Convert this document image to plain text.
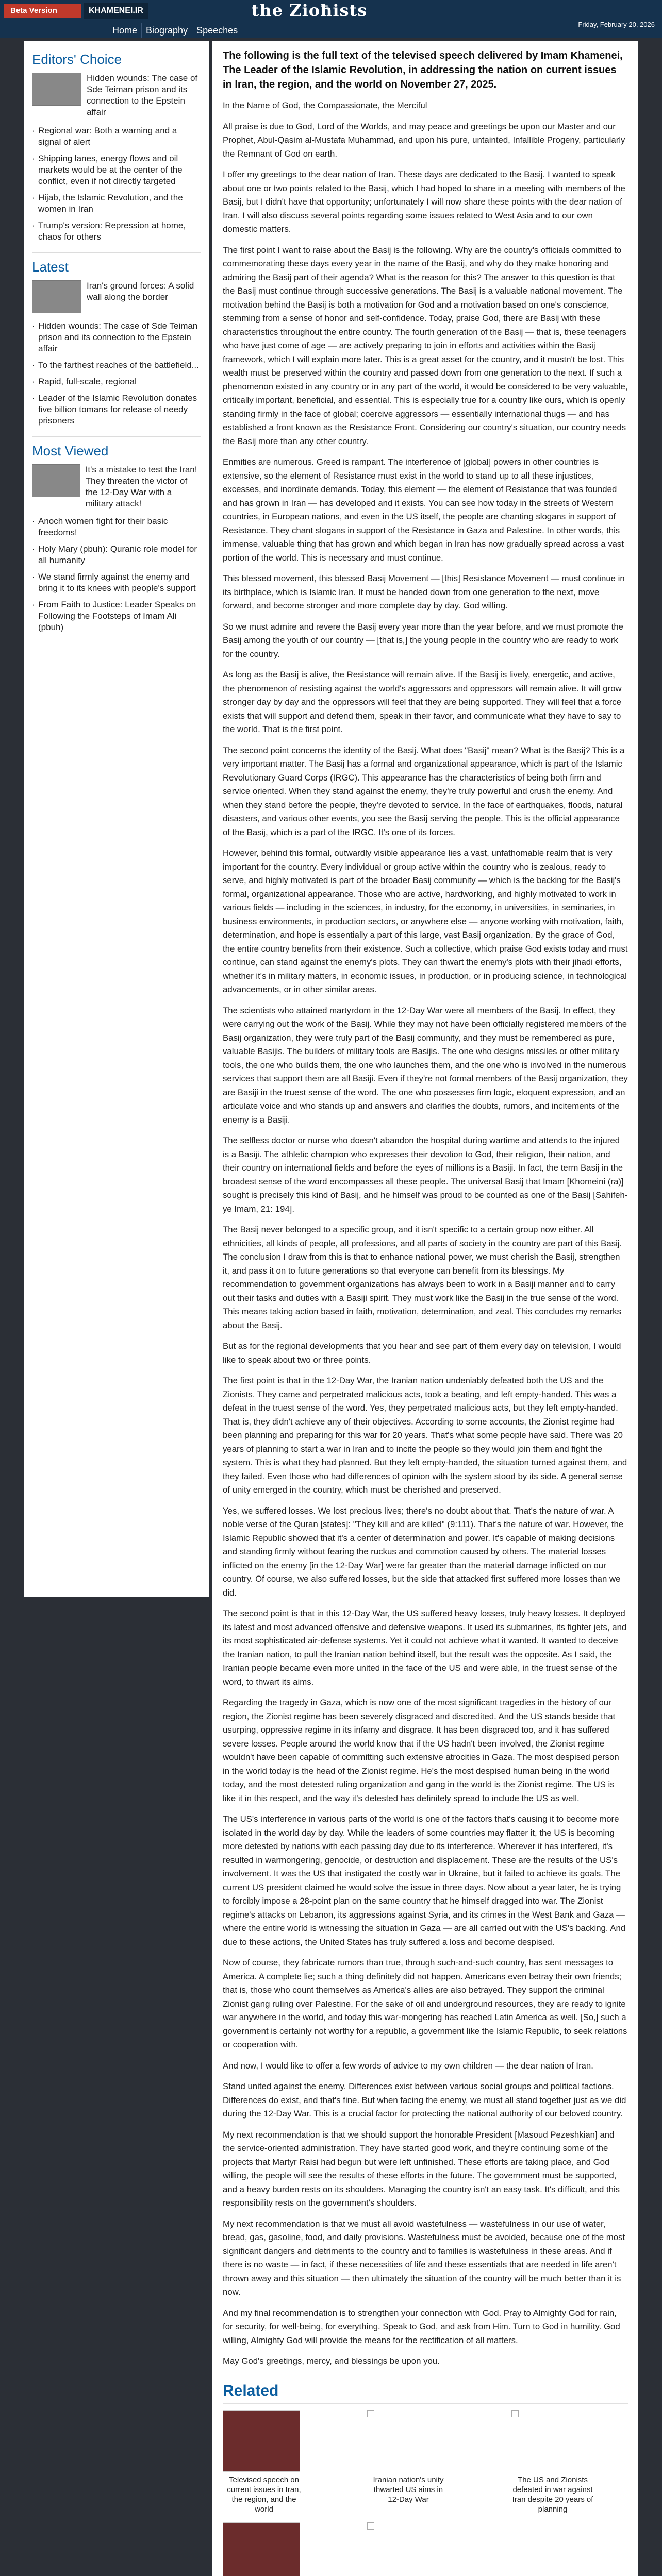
Beta Version	KHAMENEI.IR	the Zioħists
Friday, February 20, 2026
Home Biography Speeches
Editors' Choice
Hidden wounds: The case of Sde Teiman prison and its connection to the Epstein affair
· Regional war: Both a warning and a signal of alert
· Shipping lanes, energy flows and oil markets would be at the center of the conflict, even if not directly targeted
· Hijab, the Islamic Revolution, and the women in Iran
· Trump's version: Repression at home, chaos for others
Latest
Iran's ground forces: A solid wall along the border
· Hidden wounds: The case of Sde Teiman prison and its connection to the Epstein affair
· To the farthest reaches of the battlefield...
· Rapid, full-scale, regional
· Leader of the Islamic Revolution donates five billion tomans for release of needy prisoners
Most Viewed
It's a mistake to test the Iran! They threaten the victor of the 12-Day War with a military attack!
· Anoch women fight for their basic freedoms!
· Holy Mary (pbuh): Quranic role model for all humanity
· We stand firmly against the enemy and bring it to its knees with people's support
· From Faith to Justice: Leader Speaks on Following the Footsteps of Imam Ali (pbuh)
The following is the full text of the televised speech delivered by Imam Khamenei, The Leader of the Islamic Revolution, in addressing the nation on current issues in Iran, the region, and the world on November 27, 2025.

In the Name of God, the Compassionate, the Merciful

All praise is due to God, Lord of the Worlds, and may peace and greetings be upon our Master and our Prophet, Abul-Qasim al-Mustafa Muhammad, and upon his pure, untainted, Infallible Progeny, particularly the Remnant of God on earth.

I offer my greetings to the dear nation of Iran. These days are dedicated to the Basij. I wanted to speak about one or two points related to the Basij, which I had hoped to share in a meeting with members of the Basij, but I didn't have that opportunity; unfortunately I will now share these points with the dear nation of Iran. I will also discuss several points regarding some issues related to West Asia and to our own domestic matters.

The first point I want to raise about the Basij is the following. Why are the country's officials committed to commemorating these days every year in the name of the Basij, and why do they make honoring and admiring the Basij part of their agenda? What is the reason for this? The answer to this question is that the Basij must continue through successive generations. The Basij is a valuable national movement. The motivation behind the Basij is both a motivation for God and a motivation based on one's conscience, stemming from a sense of honor and self-confidence. Today, praise God, there are Basij with these characteristics throughout the entire country. The fourth generation of the Basij — that is, these teenagers who have just come of age — are actively preparing to join in efforts and activities within the Basij framework, which I will explain more later. This is a great asset for the country, and it mustn't be lost. This wealth must be preserved within the country and passed down from one generation to the next. If such a phenomenon existed in any country or in any part of the world, it would be considered to be very valuable, critically important, beneficial, and essential. This is especially true for a country like ours, which is openly standing firmly in the face of global; coercive aggressors — essentially international thugs — and has established a front known as the Resistance Front. Considering our country's situation, our country needs the Basij more than any other country.

Enmities are numerous. Greed is rampant. The interference of [global] powers in other countries is extensive, so the element of Resistance must exist in the world to stand up to all these injustices, excesses, and inordinate demands. Today, this element — the element of Resistance that was founded and has grown in Iran — has developed and it exists. You can see how today in the streets of Western countries, in European nations, and even in the US itself, the people are chanting slogans in support of Resistance. They chant slogans in support of the Resistance in Gaza and Palestine. In other words, this immense, valuable thing that has grown and which began in Iran has now gradually spread across a vast portion of the world. This is necessary and must continue.

This blessed movement, this blessed Basij Movement — [this] Resistance Movement — must continue in its birthplace, which is Islamic Iran. It must be handed down from one generation to the next, move forward, and become stronger and more complete day by day. God willing.

So we must admire and revere the Basij every year more than the year before, and we must promote the Basij among the youth of our country — [that is,] the young people in the country who are ready to work for the country.

As long as the Basij is alive, the Resistance will remain alive. If the Basij is lively, energetic, and active, the phenomenon of resisting against the world's aggressors and oppressors will remain alive. It will grow stronger day by day and the oppressors will feel that they are being supported. They will feel that a force exists that will support and defend them, speak in their favor, and communicate what they have to say to the world. That is the first point.

The second point concerns the identity of the Basij. What does "Basij" mean? What is the Basij? This is a very important matter. The Basij has a formal and organizational appearance, which is part of the Islamic Revolutionary Guard Corps (IRGC). This appearance has the characteristics of being both firm and service oriented. When they stand against the enemy, they're truly powerful and crush the enemy. And when they stand before the people, they're devoted to service. In the face of earthquakes, floods, natural disasters, and various other events, you see the Basij serving the people. This is the official appearance of the Basij, which is a part of the IRGC. It's one of its forces.

However, behind this formal, outwardly visible appearance lies a vast, unfathomable realm that is very important for the country. Every individual or group active within the country who is zealous, ready to serve, and highly motivated is part of the broader Basij community — which is the backing for the Basij's formal, organizational appearance. Those who are active, hardworking, and highly motivated to work in various fields — including in the sciences, in industry, for the economy, in universities, in seminaries, in business environments, in production sectors, or anywhere else — anyone working with motivation, faith, determination, and hope is essentially a part of this large, vast Basij organization. By the grace of God, the entire country benefits from their existence. Such a collective, which praise God exists today and must continue, can stand against the enemy's plots. They can thwart the enemy's plots with their jihadi efforts, whether it's in military matters, in economic issues, in production, or in producing science, in technological advancements, or in other similar areas.

The scientists who attained martyrdom in the 12-Day War were all members of the Basij. In effect, they were carrying out the work of the Basij. While they may not have been officially registered members of the Basij organization, they were truly part of the Basij community, and they must be remembered as pure, valuable Basijis. The builders of military tools are Basijis. The one who designs missiles or other military tools, the one who builds them, the one who launches them, and the one who is involved in the numerous services that support them are all Basiji. Even if they're not formal members of the Basij organization, they are Basiji in the truest sense of the word. The one who possesses firm logic, eloquent expression, and an articulate voice and who stands up and answers and clarifies the doubts, rumors, and incitements of the enemy is a Basiji.

The selfless doctor or nurse who doesn't abandon the hospital during wartime and attends to the injured is a Basiji. The athletic champion who expresses their devotion to God, their religion, their nation, and their country on international fields and before the eyes of millions is a Basiji. In fact, the term Basij in the broadest sense of the word encompasses all these people. The universal Basij that Imam [Khomeini (ra)] sought is precisely this kind of Basij, and he himself was proud to be counted as one of the Basij [Sahifeh-ye Imam, 21: 194].

The Basij never belonged to a specific group, and it isn't specific to a certain group now either. All ethnicities, all kinds of people, all professions, and all parts of society in the country are part of this Basij. The conclusion I draw from this is that to enhance national power, we must cherish the Basij, strengthen it, and pass it on to future generations so that everyone can benefit from its blessings. My recommendation to government organizations has always been to work in a Basiji manner and to carry out their tasks and duties with a Basiji spirit. They must work like the Basij in the true sense of the word. This means taking action based in faith, motivation, determination, and zeal. This concludes my remarks about the Basij.

But as for the regional developments that you hear and see part of them every day on television, I would like to speak about two or three points.

The first point is that in the 12-Day War, the Iranian nation undeniably defeated both the US and the Zionists. They came and perpetrated malicious acts, took a beating, and left empty-handed. This was a defeat in the truest sense of the word. Yes, they perpetrated malicious acts, but they left empty-handed. That is, they didn't achieve any of their objectives. According to some accounts, the Zionist regime had been planning and preparing for this war for 20 years. That's what some people have said. There was 20 years of planning to start a war in Iran and to incite the people so they would join them and fight the system. This is what they had planned. But they left empty-handed, the situation turned against them, and they failed. Even those who had differences of opinion with the system stood by its side. A general sense of unity emerged in the country, which must be cherished and preserved.

Yes, we suffered losses. We lost precious lives; there's no doubt about that. That's the nature of war. A noble verse of the Quran [states]: "They kill and are killed" (9:111). That's the nature of war. However, the Islamic Republic showed that it's a center of determination and power. It's capable of making decisions and standing firmly without fearing the ruckus and commotion caused by others. The material losses inflicted on the enemy [in the 12-Day War] were far greater than the material damage inflicted on our country. Of course, we also suffered losses, but the side that attacked first suffered more losses than we did.

The second point is that in this 12-Day War, the US suffered heavy losses, truly heavy losses. It deployed its latest and most advanced offensive and defensive weapons. It used its submarines, its fighter jets, and its most sophisticated air-defense systems. Yet it could not achieve what it wanted. It wanted to deceive the Iranian nation, to pull the Iranian nation behind itself, but the result was the opposite. As I said, the Iranian people became even more united in the face of the US and were able, in the truest sense of the word, to thwart its aims.

Regarding the tragedy in Gaza, which is now one of the most significant tragedies in the history of our region, the Zionist regime has been severely disgraced and discredited. And the US stands beside that usurping, oppressive regime in its infamy and disgrace. It has been disgraced too, and it has suffered severe losses. People around the world know that if the US hadn't been involved, the Zionist regime wouldn't have been capable of committing such extensive atrocities in Gaza. The most despised person in the world today is the head of the Zionist regime. He's the most despised human being in the world today, and the most detested ruling organization and gang in the world is the Zionist regime. The US is like it in this respect, and the way it's detested has definitely spread to include the US as well.

The US's interference in various parts of the world is one of the factors that's causing it to become more isolated in the world day by day. While the leaders of some countries may flatter it, the US is becoming more detested by nations with each passing day due to its interference. Wherever it has interfered, it's resulted in warmongering, genocide, or destruction and displacement. These are the results of the US's involvement. It was the US that instigated the costly war in Ukraine, but it failed to achieve its goals. The current US president claimed he would solve the issue in three days. Now about a year later, he is trying to forcibly impose a 28-point plan on the same country that he himself dragged into war. The Zionist regime's attacks on Lebanon, its aggressions against Syria, and its crimes in the West Bank and Gaza — where the entire world is witnessing the situation in Gaza — are all carried out with the US's backing. And due to these actions, the United States has truly suffered a loss and become despised.

Now of course, they fabricate rumors than true, through such-and-such country, has sent messages to America. A complete lie; such a thing definitely did not happen. Americans even betray their own friends; that is, those who count themselves as America's allies are also betrayed. They support the criminal Zionist gang ruling over Palestine. For the sake of oil and underground resources, they are ready to ignite war anywhere in the world, and today this war-mongering has reached Latin America as well. [So,] such a government is certainly not worthy for a republic, a government like the Islamic Republic, to seek relations or cooperation with.

And now, I would like to offer a few words of advice to my own children — the dear nation of Iran.

Stand united against the enemy. Differences exist between various social groups and political factions. Differences do exist, and that's fine. But when facing the enemy, we must all stand together just as we did during the 12-Day War. This is a crucial factor for protecting the national authority of our beloved country.

My next recommendation is that we should support the honorable President [Masoud Pezeshkian] and the service-oriented administration. They have started good work, and they're continuing some of the projects that Martyr Raisi had begun but were left unfinished. These efforts are taking place, and God willing, the people will see the results of these efforts in the future. The government must be supported, and a heavy burden rests on its shoulders. Managing the country isn't an easy task. It's difficult, and this responsibility rests on the government's shoulders.

My next recommendation is that we must all avoid wastefulness — wastefulness in our use of water, bread, gas, gasoline, food, and daily provisions. Wastefulness must be avoided, because one of the most significant dangers and detriments to the country and to families is wastefulness in these areas. And if there is no waste — in fact, if these necessities of life and these essentials that are needed in life aren't thrown away and this situation — then ultimately the situation of the country will be much better than it is now.

And my final recommendation is to strengthen your connection with God. Pray to Almighty God for rain, for security, for well-being, for everything. Speak to God, and ask from Him. Turn to God in humility. God willing, Almighty God will provide the means for the rectification of all matters.

May God's greetings, mercy, and blessings be upon you.

Related
Televised speech on current issues in Iran, the region, and the world
Iranian nation's unity thwarted US aims in 12-Day War
The US and Zionists defeated in war against Iran despite 20 years of planning
